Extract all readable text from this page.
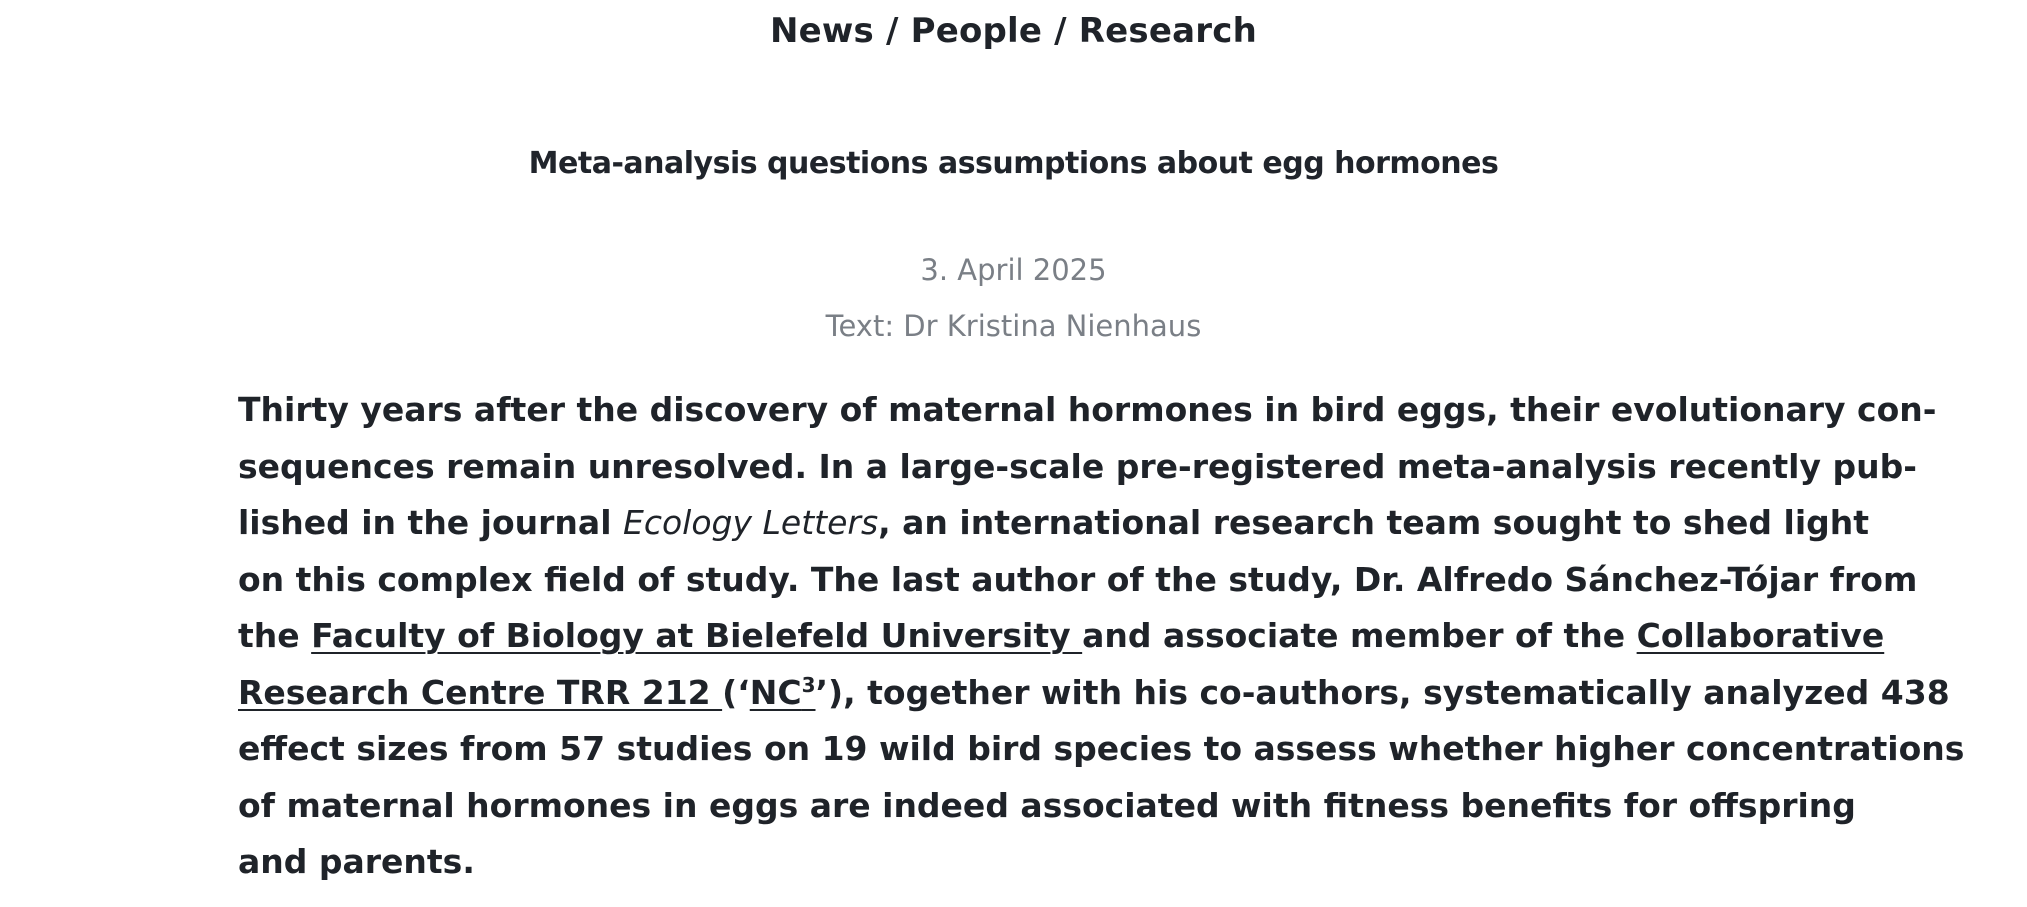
News / People / Research
Meta-analysis questions assumptions about egg hormones
3. April 2025
Text: Dr Kristina Nienhaus
Thirty years after the discovery of maternal hormones in bird eggs, their evolutionary con-
sequences remain unresolved. In a large-scale pre-registered meta-analysis recently pub-
lished in the journal Ecology Letters, an international research team sought to shed light
on this complex field of study. The last author of the study, Dr. Alfredo Sánchez-Tójar from
the Faculty of Biology at Bielefeld University and associate member of the Collaborative
Research Centre TRR 212 (‘NC$^3$’), together with his co-authors, systematically analyzed 438
effect sizes from 57 studies on 19 wild bird species to assess whether higher concentrations
of maternal hormones in eggs are indeed associated with fitness benefits for offspring
and parents.
